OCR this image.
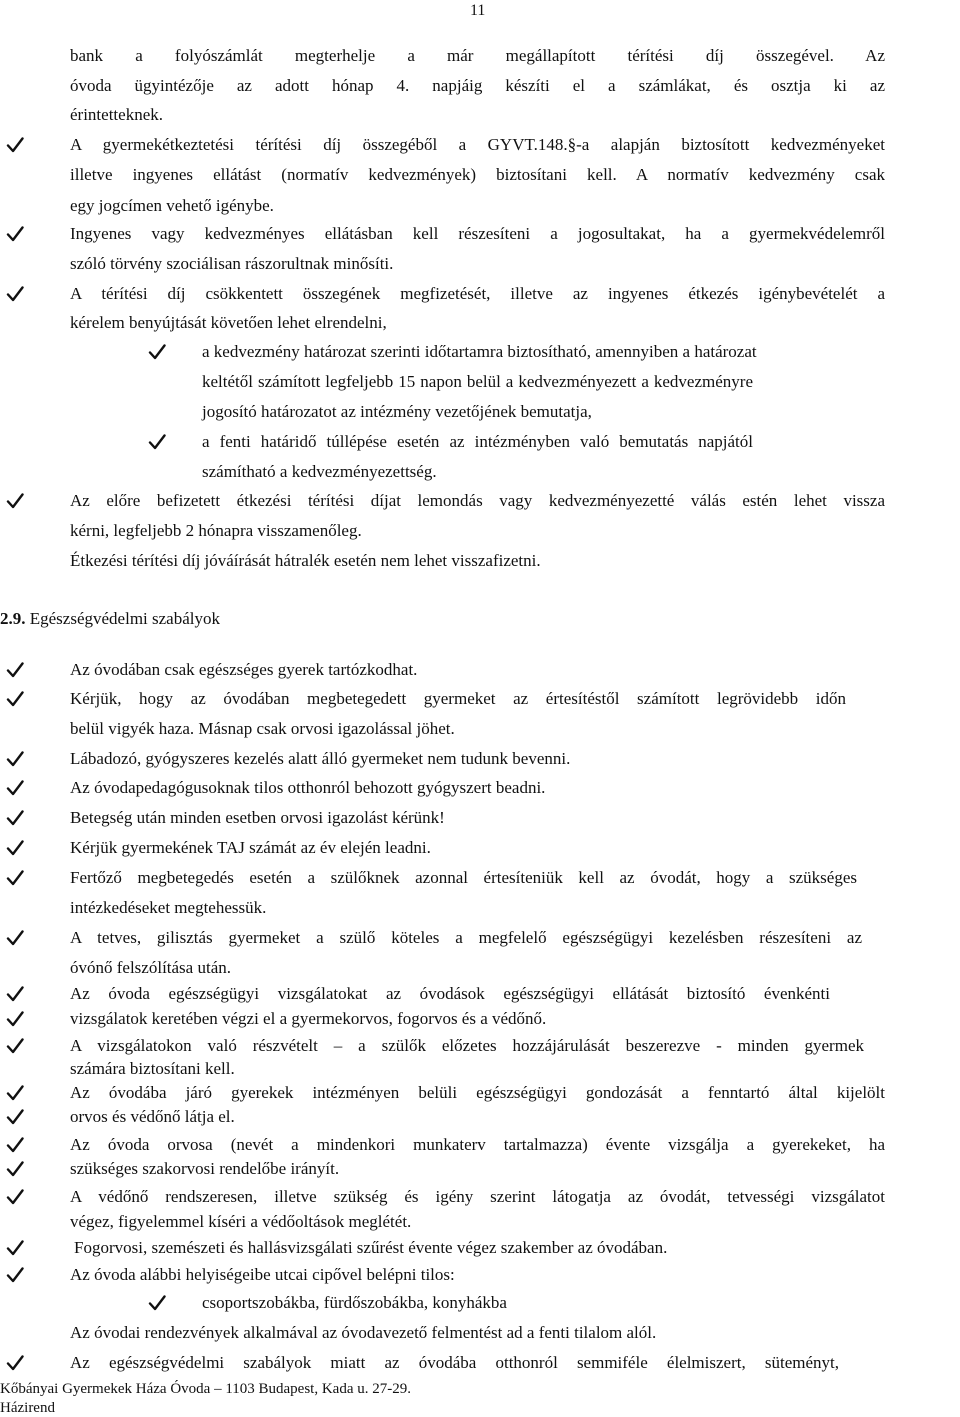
11
bank a folyószámlát megterhelje a már megállapított térítési díj összegével. Az
óvoda ügyintézője az adott hónap 4. napjáig készíti el a számlákat, és osztja ki az
érintetteknek.
A gyermekétkeztetési térítési díj összegéből a GYVT.148.§-a alapján biztosított kedvezményeket
illetve ingyenes ellátást (normatív kedvezmények) biztosítani kell. A normatív kedvezmény csak
egy jogcímen vehető igénybe.
Ingyenes vagy kedvezményes ellátásban kell részesíteni a jogosultakat, ha a gyermekvédelemről
szóló törvény szociálisan rászorultnak minősíti.
A térítési díj csökkentett összegének megfizetését, illetve az ingyenes étkezés igénybevételét a
kérelem benyújtását követően lehet elrendelni,
a kedvezmény határozat szerinti időtartamra biztosítható, amennyiben a határozat
keltétől számított legfeljebb 15 napon belül a kedvezményezett a kedvezményre
jogosító határozatot az intézmény vezetőjének bemutatja,
a fenti határidő túllépése esetén az intézményben való bemutatás napjától
számítható a kedvezményezettség.
Az előre befizetett étkezési térítési díjat lemondás vagy kedvezményezetté válás estén lehet vissza
kérni, legfeljebb 2 hónapra visszamenőleg.
Étkezési térítési díj jóváírását hátralék esetén nem lehet visszafizetni.
Az óvodában csak egészséges gyerek tartózkodhat.
Kérjük, hogy az óvodában megbetegedett gyermeket az értesítéstől számított legrövidebb időn
belül vigyék haza. Másnap csak orvosi igazolással jöhet.
Lábadozó, gyógyszeres kezelés alatt álló gyermeket nem tudunk bevenni.
Az óvodapedagógusoknak tilos otthonról behozott gyógyszert beadni.
Betegség után minden esetben orvosi igazolást kérünk!
Kérjük gyermekének TAJ számát az év elején leadni.
Fertőző megbetegedés esetén a szülőknek azonnal értesíteniük kell az óvodát, hogy a szükséges
intézkedéseket megtehessük.
A tetves, gilisztás gyermeket a szülő köteles a megfelelő egészségügyi kezelésben részesíteni az
óvónő felszólítása után.
Az óvoda egészségügyi vizsgálatokat az óvodások egészségügyi ellátását biztosító évenkénti
vizsgálatok keretében végzi el a gyermekorvos, fogorvos és a védőnő.
A vizsgálatokon való részvételt – a szülők előzetes hozzájárulását beszerezve - minden gyermek
számára biztosítani kell.
Az óvodába járó gyerekek intézményen belüli egészségügyi gondozását a fenntartó által kijelölt
orvos és védőnő látja el.
Az óvoda orvosa (nevét a mindenkori munkaterv tartalmazza) évente vizsgálja a gyerekeket, ha
szükséges szakorvosi rendelőbe irányít.
A védőnő rendszeresen, illetve szükség és igény szerint látogatja az óvodát, tetvességi vizsgálatot
végez, figyelemmel kíséri a védőoltások meglétét.
Fogorvosi, szemészeti és hallásvizsgálati szűrést évente végez szakember az óvodában.
Az óvoda alábbi helyiségeibe utcai cipővel belépni tilos:
csoportszobákba, fürdőszobákba, konyhákba
Az óvodai rendezvények alkalmával az óvodavezető felmentést ad a fenti tilalom alól.
Az egészségvédelmi szabályok miatt az óvodába otthonról semmiféle élelmiszert, süteményt,
2.9. Egészségvédelmi szabályok
Kőbányai Gyermekek Háza Óvoda – 1103 Budapest, Kada u. 27-29.
Házirend
